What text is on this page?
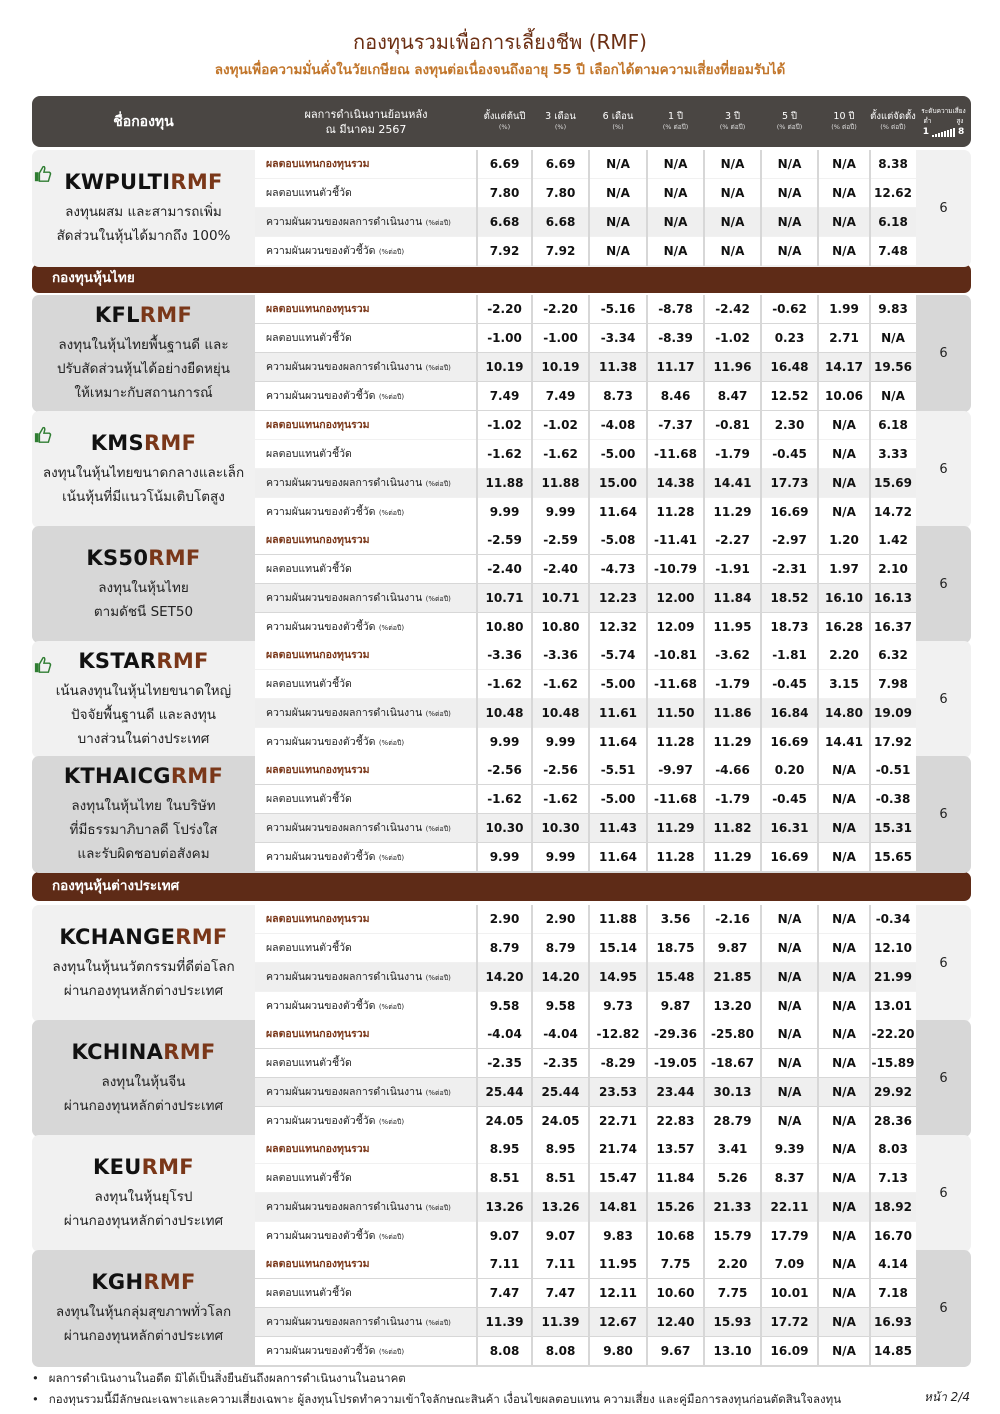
กองทุนรวมเพื่อการเลี้ยงชีพ (RMF)
ลงทุนเพื่อความมั่นคั่งในวัยเกษียณ ลงทุนต่อเนื่องจนถึงอายุ 55 ปี เลือกได้ตามความเสี่ยงที่ยอมรับได้
ชื่อกองทุน	ผลการดำเนินงานย้อนหลัง
ณ มีนาคม 2567
ตั้งแต่ต้นปี
(%)
3 เดือน
(%)
6 เดือน
(%)
1 ปี
(% ต่อปี)
3 ปี
(% ต่อปี)
5 ปี
(% ต่อปี)
10 ปี
(% ต่อปี)
ตั้งแต่จัดตั้ง
(% ต่อปี)
ระดับความเสี่ยง
ต่ำ	สูง
1	8
กองทุนหุ้นไทย
กองทุนหุ้นต่างประเทศ
KWPULTIRMF
ลงทุนผสม และสามารถเพิ่ม
สัดส่วนในหุ้นได้มากถึง 100%
ผลตอบแทนกองทุนรวม	6.69	6.69	N/A	N/A	N/A	N/A	N/A	8.38
ผลตอบแทนตัวชี้วัด	7.80	7.80	N/A	N/A	N/A	N/A	N/A	12.62
ความผันผวนของผลการดำเนินงาน (%ต่อปี)	6.68	6.68	N/A	N/A	N/A	N/A	N/A	6.18
ความผันผวนของตัวชี้วัด (%ต่อปี)	7.92	7.92	N/A	N/A	N/A	N/A	N/A	7.48
6
KFLRMF
ลงทุนในหุ้นไทยพื้นฐานดี และ
ปรับสัดส่วนหุ้นได้อย่างยืดหยุ่น
ให้เหมาะกับสถานการณ์
ผลตอบแทนกองทุนรวม	-2.20	-2.20	-5.16	-8.78	-2.42	-0.62	1.99	9.83
ผลตอบแทนตัวชี้วัด	-1.00	-1.00	-3.34	-8.39	-1.02	0.23	2.71	N/A
ความผันผวนของผลการดำเนินงาน (%ต่อปี)	10.19	10.19	11.38	11.17	11.96	16.48	14.17 19.56
ความผันผวนของตัวชี้วัด (%ต่อปี)	7.49	7.49	8.73	8.46	8.47	12.52	10.06	N/A
6
KMSRMF
ลงทุนในหุ้นไทยขนาดกลางและเล็ก
เน้นหุ้นที่มีแนวโน้มเติบโตสูง
ผลตอบแทนกองทุนรวม	-1.02	-1.02	-4.08	-7.37	-0.81	2.30	N/A	6.18
ผลตอบแทนตัวชี้วัด	-1.62	-1.62	-5.00	-11.68	-1.79	-0.45	N/A	3.33
ความผันผวนของผลการดำเนินงาน (%ต่อปี)	11.88	11.88	15.00	14.38	14.41	17.73	N/A	15.69
ความผันผวนของตัวชี้วัด (%ต่อปี)	9.99	9.99	11.64	11.28	11.29	16.69	N/A	14.72
6
KS50RMF
ลงทุนในหุ้นไทย
ตามดัชนี SET50
ผลตอบแทนกองทุนรวม	-2.59	-2.59	-5.08	-11.41	-2.27	-2.97	1.20	1.42
ผลตอบแทนตัวชี้วัด	-2.40	-2.40	-4.73	-10.79	-1.91	-2.31	1.97	2.10
ความผันผวนของผลการดำเนินงาน (%ต่อปี)	10.71	10.71	12.23	12.00	11.84	18.52	16.10 16.13
ความผันผวนของตัวชี้วัด (%ต่อปี)	10.80	10.80	12.32	12.09	11.95	18.73	16.28 16.37
6
KSTARRMF
เน้นลงทุนในหุ้นไทยขนาดใหญ่
ปัจจัยพื้นฐานดี และลงทุน
บางส่วนในต่างประเทศ
ผลตอบแทนกองทุนรวม	-3.36	-3.36	-5.74	-10.81	-3.62	-1.81	2.20	6.32
ผลตอบแทนตัวชี้วัด	-1.62	-1.62	-5.00	-11.68	-1.79	-0.45	3.15	7.98
ความผันผวนของผลการดำเนินงาน (%ต่อปี)	10.48	10.48	11.61	11.50	11.86	16.84	14.80 19.09
ความผันผวนของตัวชี้วัด (%ต่อปี)	9.99	9.99	11.64	11.28	11.29	16.69	14.41 17.92
6
KTHAICGRMF
ลงทุนในหุ้นไทย ในบริษัท
ที่มีธรรมาภิบาลดี โปร่งใส
และรับผิดชอบต่อสังคม
ผลตอบแทนกองทุนรวม	-2.56	-2.56	-5.51	-9.97	-4.66	0.20	N/A	-0.51
ผลตอบแทนตัวชี้วัด	-1.62	-1.62	-5.00	-11.68	-1.79	-0.45	N/A	-0.38
ความผันผวนของผลการดำเนินงาน (%ต่อปี)	10.30	10.30	11.43	11.29	11.82	16.31	N/A	15.31
ความผันผวนของตัวชี้วัด (%ต่อปี)	9.99	9.99	11.64	11.28	11.29	16.69	N/A	15.65
6
KCHANGERMF
ลงทุนในหุ้นนวัตกรรมที่ดีต่อโลก
ผ่านกองทุนหลักต่างประเทศ
ผลตอบแทนกองทุนรวม	2.90	2.90	11.88	3.56	-2.16	N/A	N/A	-0.34
ผลตอบแทนตัวชี้วัด	8.79	8.79	15.14	18.75	9.87	N/A	N/A	12.10
ความผันผวนของผลการดำเนินงาน (%ต่อปี)	14.20	14.20	14.95	15.48	21.85	N/A	N/A	21.99
ความผันผวนของตัวชี้วัด (%ต่อปี)	9.58	9.58	9.73	9.87	13.20	N/A	N/A	13.01
6
KCHINARMF
ลงทุนในหุ้นจีน
ผ่านกองทุนหลักต่างประเทศ
ผลตอบแทนกองทุนรวม	-4.04	-4.04	-12.82	-29.36	-25.80	N/A	N/A	-22.20
ผลตอบแทนตัวชี้วัด	-2.35	-2.35	-8.29	-19.05	-18.67	N/A	N/A	-15.89
ความผันผวนของผลการดำเนินงาน (%ต่อปี)	25.44	25.44	23.53	23.44	30.13	N/A	N/A	29.92
ความผันผวนของตัวชี้วัด (%ต่อปี)	24.05	24.05	22.71	22.83	28.79	N/A	N/A	28.36
6
KEURMF
ลงทุนในหุ้นยุโรป
ผ่านกองทุนหลักต่างประเทศ
ผลตอบแทนกองทุนรวม	8.95	8.95	21.74	13.57	3.41	9.39	N/A	8.03
ผลตอบแทนตัวชี้วัด	8.51	8.51	15.47	11.84	5.26	8.37	N/A	7.13
ความผันผวนของผลการดำเนินงาน (%ต่อปี)	13.26	13.26	14.81	15.26	21.33	22.11	N/A	18.92
ความผันผวนของตัวชี้วัด (%ต่อปี)	9.07	9.07	9.83	10.68	15.79	17.79	N/A	16.70
6
KGHRMF
ลงทุนในหุ้นกลุ่มสุขภาพทั่วโลก
ผ่านกองทุนหลักต่างประเทศ
ผลตอบแทนกองทุนรวม	7.11	7.11	11.95	7.75	2.20	7.09	N/A	4.14
ผลตอบแทนตัวชี้วัด	7.47	7.47	12.11	10.60	7.75	10.01	N/A	7.18
ความผันผวนของผลการดำเนินงาน (%ต่อปี)	11.39	11.39	12.67	12.40	15.93	17.72	N/A	16.93
ความผันผวนของตัวชี้วัด (%ต่อปี)	8.08	8.08	9.80	9.67	13.10	16.09	N/A	14.85
6
• ผลการดำเนินงานในอดีต มิได้เป็นสิ่งยืนยันถึงผลการดำเนินงานในอนาคต
• กองทุนรวมนี้มีลักษณะเฉพาะและความเสี่ยงเฉพาะ ผู้ลงทุนโปรดทำความเข้าใจลักษณะสินค้า เงื่อนไขผลตอบแทน ความเสี่ยง และคู่มือการลงทุนก่อนตัดสินใจลงทุน	หน้า 2/4
